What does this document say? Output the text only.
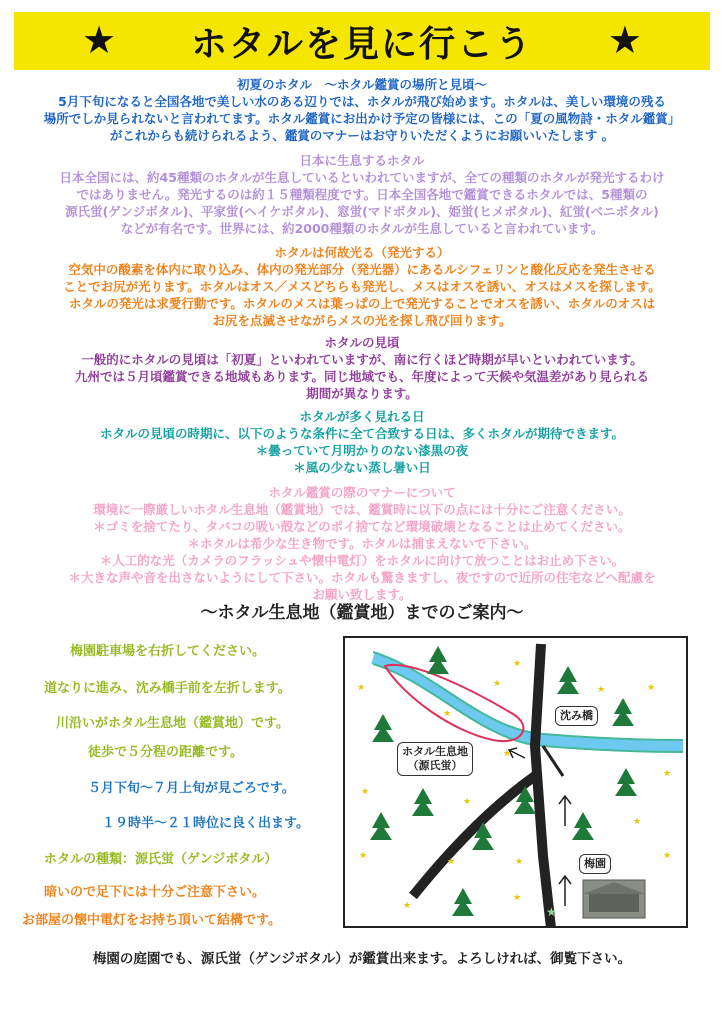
★ ホタルを見に行こう ★
初夏のホタル　～ホタル鑑賞の場所と見頃～
5月下旬になると全国各地で美しい水のある辺りでは、ホタルが飛び始めます。ホタルは、美しい環境の残る
場所でしか見られないと言われてます。ホタル鑑賞にお出かけ予定の皆様には、この「夏の風物詩・ホタル鑑賞」
がこれからも続けられるよう、鑑賞のマナーはお守りいただくようにお願いいたします 。
日本に生息するホタル
日本全国には、約45種類のホタルが生息しているといわれていますが、全ての種類のホタルが発光するわけ
ではありません。発光するのは約１５種類程度です。日本全国各地で鑑賞できるホタルでは、5種類の
源氏蛍(ゲンジボタル)、平家蛍(ヘイケボタル)、窓蛍(マドボタル)、姫蛍(ヒメボタル)、紅蛍(ベニボタル)
などが有名です。世界には、約2000種類のホタルが生息していると言われています。
ホタルは何故光る（発光する）
空気中の酸素を体内に取り込み、体内の発光部分（発光器）にあるルシフェリンと酸化反応を発生させる
ことでお尻が光ります。ホタルはオス／メスどちらも発光し、メスはオスを誘い、オスはメスを探します。
ホタルの発光は求愛行動です。ホタルのメスは葉っぱの上で発光することでオスを誘い、ホタルのオスは
お尻を点滅させながらメスの光を探し飛び回ります。
ホタルの見頃
一般的にホタルの見頃は「初夏」といわれていますが、南に行くほど時期が早いといわれています。
九州では５月頃鑑賞できる地域もあります。同じ地域でも、年度によって天候や気温差があり見られる
期間が異なります。
ホタルが多く見れる日
ホタルの見頃の時期に、以下のような条件に全て合致する日は、多くホタルが期待できます。
＊曇っていて月明かりのない漆黒の夜
＊風の少ない蒸し暑い日
ホタル鑑賞の際のマナーについて
環境に一際厳しいホタル生息地（鑑賞地）では、鑑賞時に以下の点には十分にご注意ください。
＊ゴミを捨てたり、タバコの吸い殻などのポイ捨てなど環境破壊となることは止めてください。
＊ホタルは希少な生き物です。ホタルは捕まえないで下さい。
＊人工的な光（カメラのフラッシュや懐中電灯）をホタルに向けて放つことはお止め下さい。
＊大きな声や音を出さないようにして下さい。ホタルも驚きますし、夜ですので近所の住宅などへ配慮を
お願い致します。
～ホタル生息地（鑑賞地）までのご案内～
梅園駐車場を右折してください。
道なりに進み、沈み橋手前を左折します。
川沿いがホタル生息地（鑑賞地）です。
徒歩で５分程の距離です。
５月下旬～７月上旬が見ごろです。
１９時半～２１時位に良く出ます。
ホタルの種類：源氏蛍（ゲンジボタル）
暗いので足下には十分ご注意下さい。
お部屋の懐中電灯をお持ち頂いて結構です。
★
★
★	★	★
★
★
★
★
★
★
★
★	★
★
★
★
★
沈み橋
ホタル生息地
（源氏蛍）
梅園
梅園の庭園でも、源氏蛍（ゲンジボタル）が鑑賞出来ます。よろしければ、御覧下さい。
